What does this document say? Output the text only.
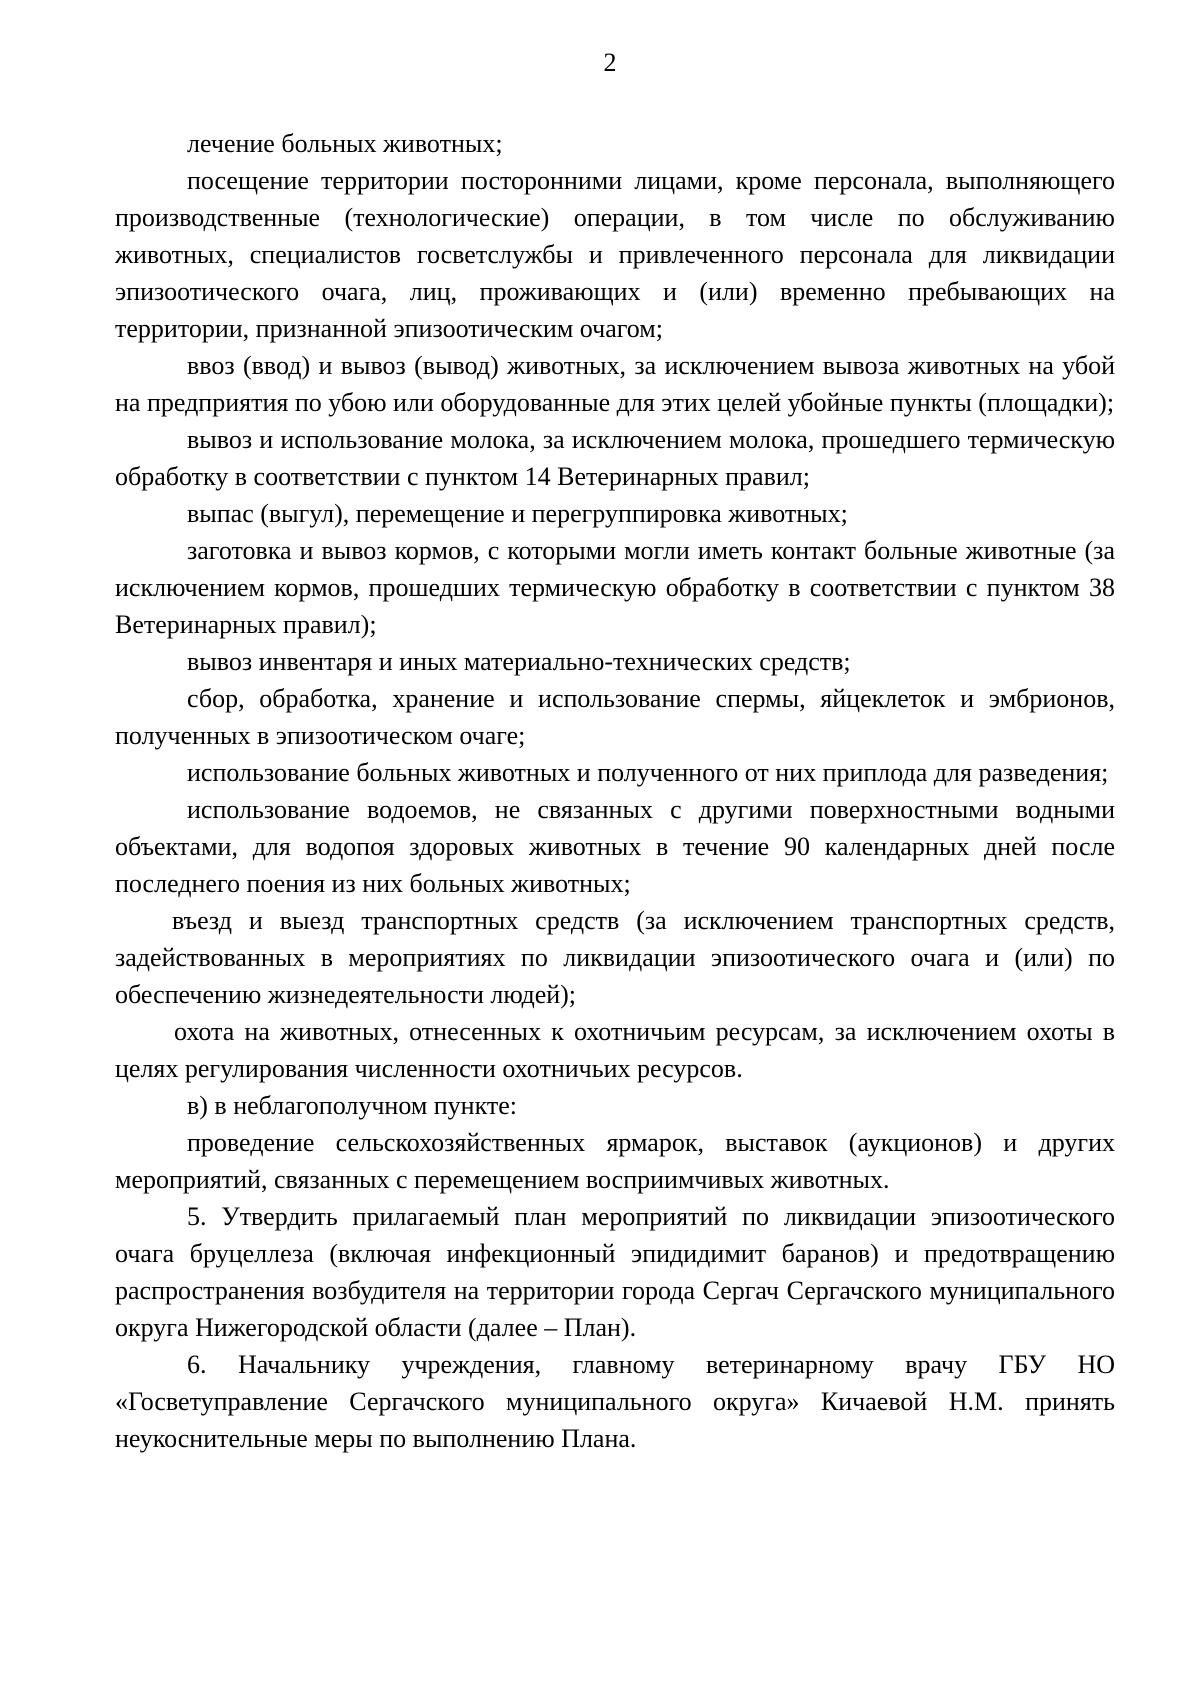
2

лечение больных животных;

посещение территории посторонними лицами, кроме персонала, выполняющего производственные (технологические) операции, в том числе по обслуживанию животных, специалистов госветслужбы и привлеченного персонала для ликвидации эпизоотического очага, лиц, проживающих и (или) временно пребывающих на территории, признанной эпизоотическим очагом;

ввоз (ввод) и вывоз (вывод) животных, за исключением вывоза животных на убой на предприятия по убою или оборудованные для этих целей убойные пункты (площадки);

вывоз и использование молока, за исключением молока, прошедшего термическую обработку в соответствии с пунктом 14 Ветеринарных правил;

выпас (выгул), перемещение и перегруппировка животных;

заготовка и вывоз кормов, с которыми могли иметь контакт больные животные (за исключением кормов, прошедших термическую обработку в соответствии с пунктом 38 Ветеринарных правил);

вывоз инвентаря и иных материально-технических средств;

сбор, обработка, хранение и использование спермы, яйцеклеток и эмбрионов, полученных в эпизоотическом очаге;

использование больных животных и полученного от них приплода для разведения;

использование водоемов, не связанных с другими поверхностными водными объектами, для водопоя здоровых животных в течение 90 календарных дней после последнего поения из них больных животных;

въезд и выезд транспортных средств (за исключением транспортных средств, задействованных в мероприятиях по ликвидации эпизоотического очага и (или) по обеспечению жизнедеятельности людей);

охота на животных, отнесенных к охотничьим ресурсам, за исключением охоты в целях регулирования численности охотничьих ресурсов.

в) в неблагополучном пункте:

проведение сельскохозяйственных ярмарок, выставок (аукционов) и других мероприятий, связанных с перемещением восприимчивых животных.

5. Утвердить прилагаемый план мероприятий по ликвидации эпизоотического очага бруцеллеза (включая инфекционный эпидидимит баранов) и предотвращению распространения возбудителя на территории города Сергач Сергачского муниципального округа Нижегородской области (далее – План).

6. Начальнику учреждения, главному ветеринарному врачу ГБУ НО «Госветуправление Сергачского муниципального округа» Кичаевой Н.М. принять неукоснительные меры по выполнению Плана.
